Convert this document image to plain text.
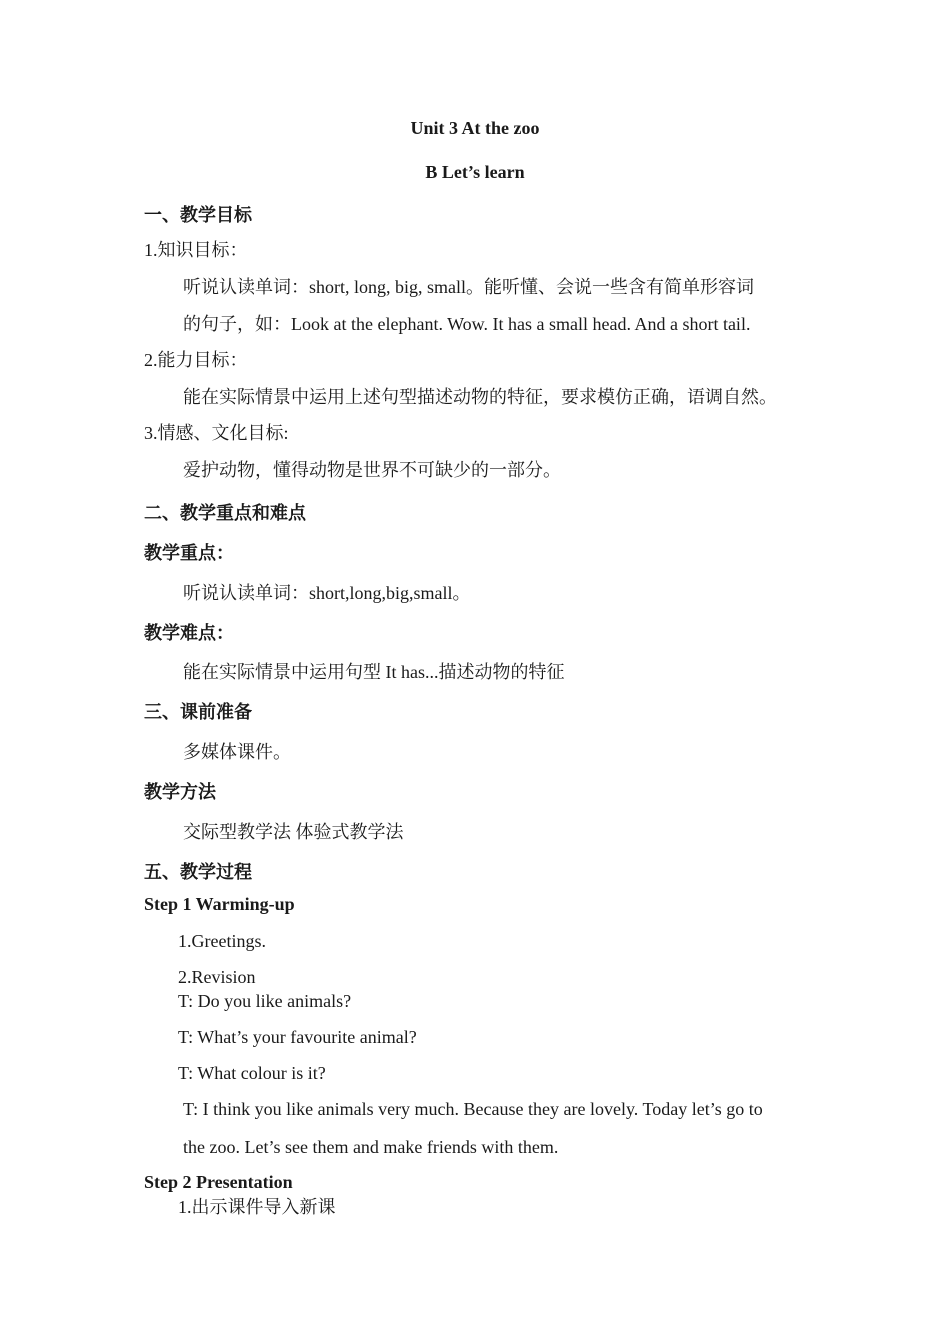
Unit 3 At the zoo
B Let’s learn
一、教学目标
1.知识目标：
听说认读单词：short, long, big, small。能听懂、会说一些含有简单形容词
的句子，如：Look at the elephant. Wow. It has a small head. And a short tail.
2.能力目标：
能在实际情景中运用上述句型描述动物的特征，要求模仿正确，语调自然。
3.情感、文化目标:
爱护动物，懂得动物是世界不可缺少的一部分。
二、教学重点和难点
教学重点：
听说认读单词：short,long,big,small。
教学难点：
能在实际情景中运用句型 It has...描述动物的特征
三、课前准备
多媒体课件。
教学方法
交际型教学法 体验式教学法
五、教学过程
Step 1 Warming-up
1.Greetings.
2.Revision
T: Do you like animals?
T: What’s your favourite animal?
T: What colour is it?
T: I think you like animals very much. Because they are lovely. Today let’s go to
the zoo. Let’s see them and make friends with them.
Step 2 Presentation
1.出示课件导入新课
